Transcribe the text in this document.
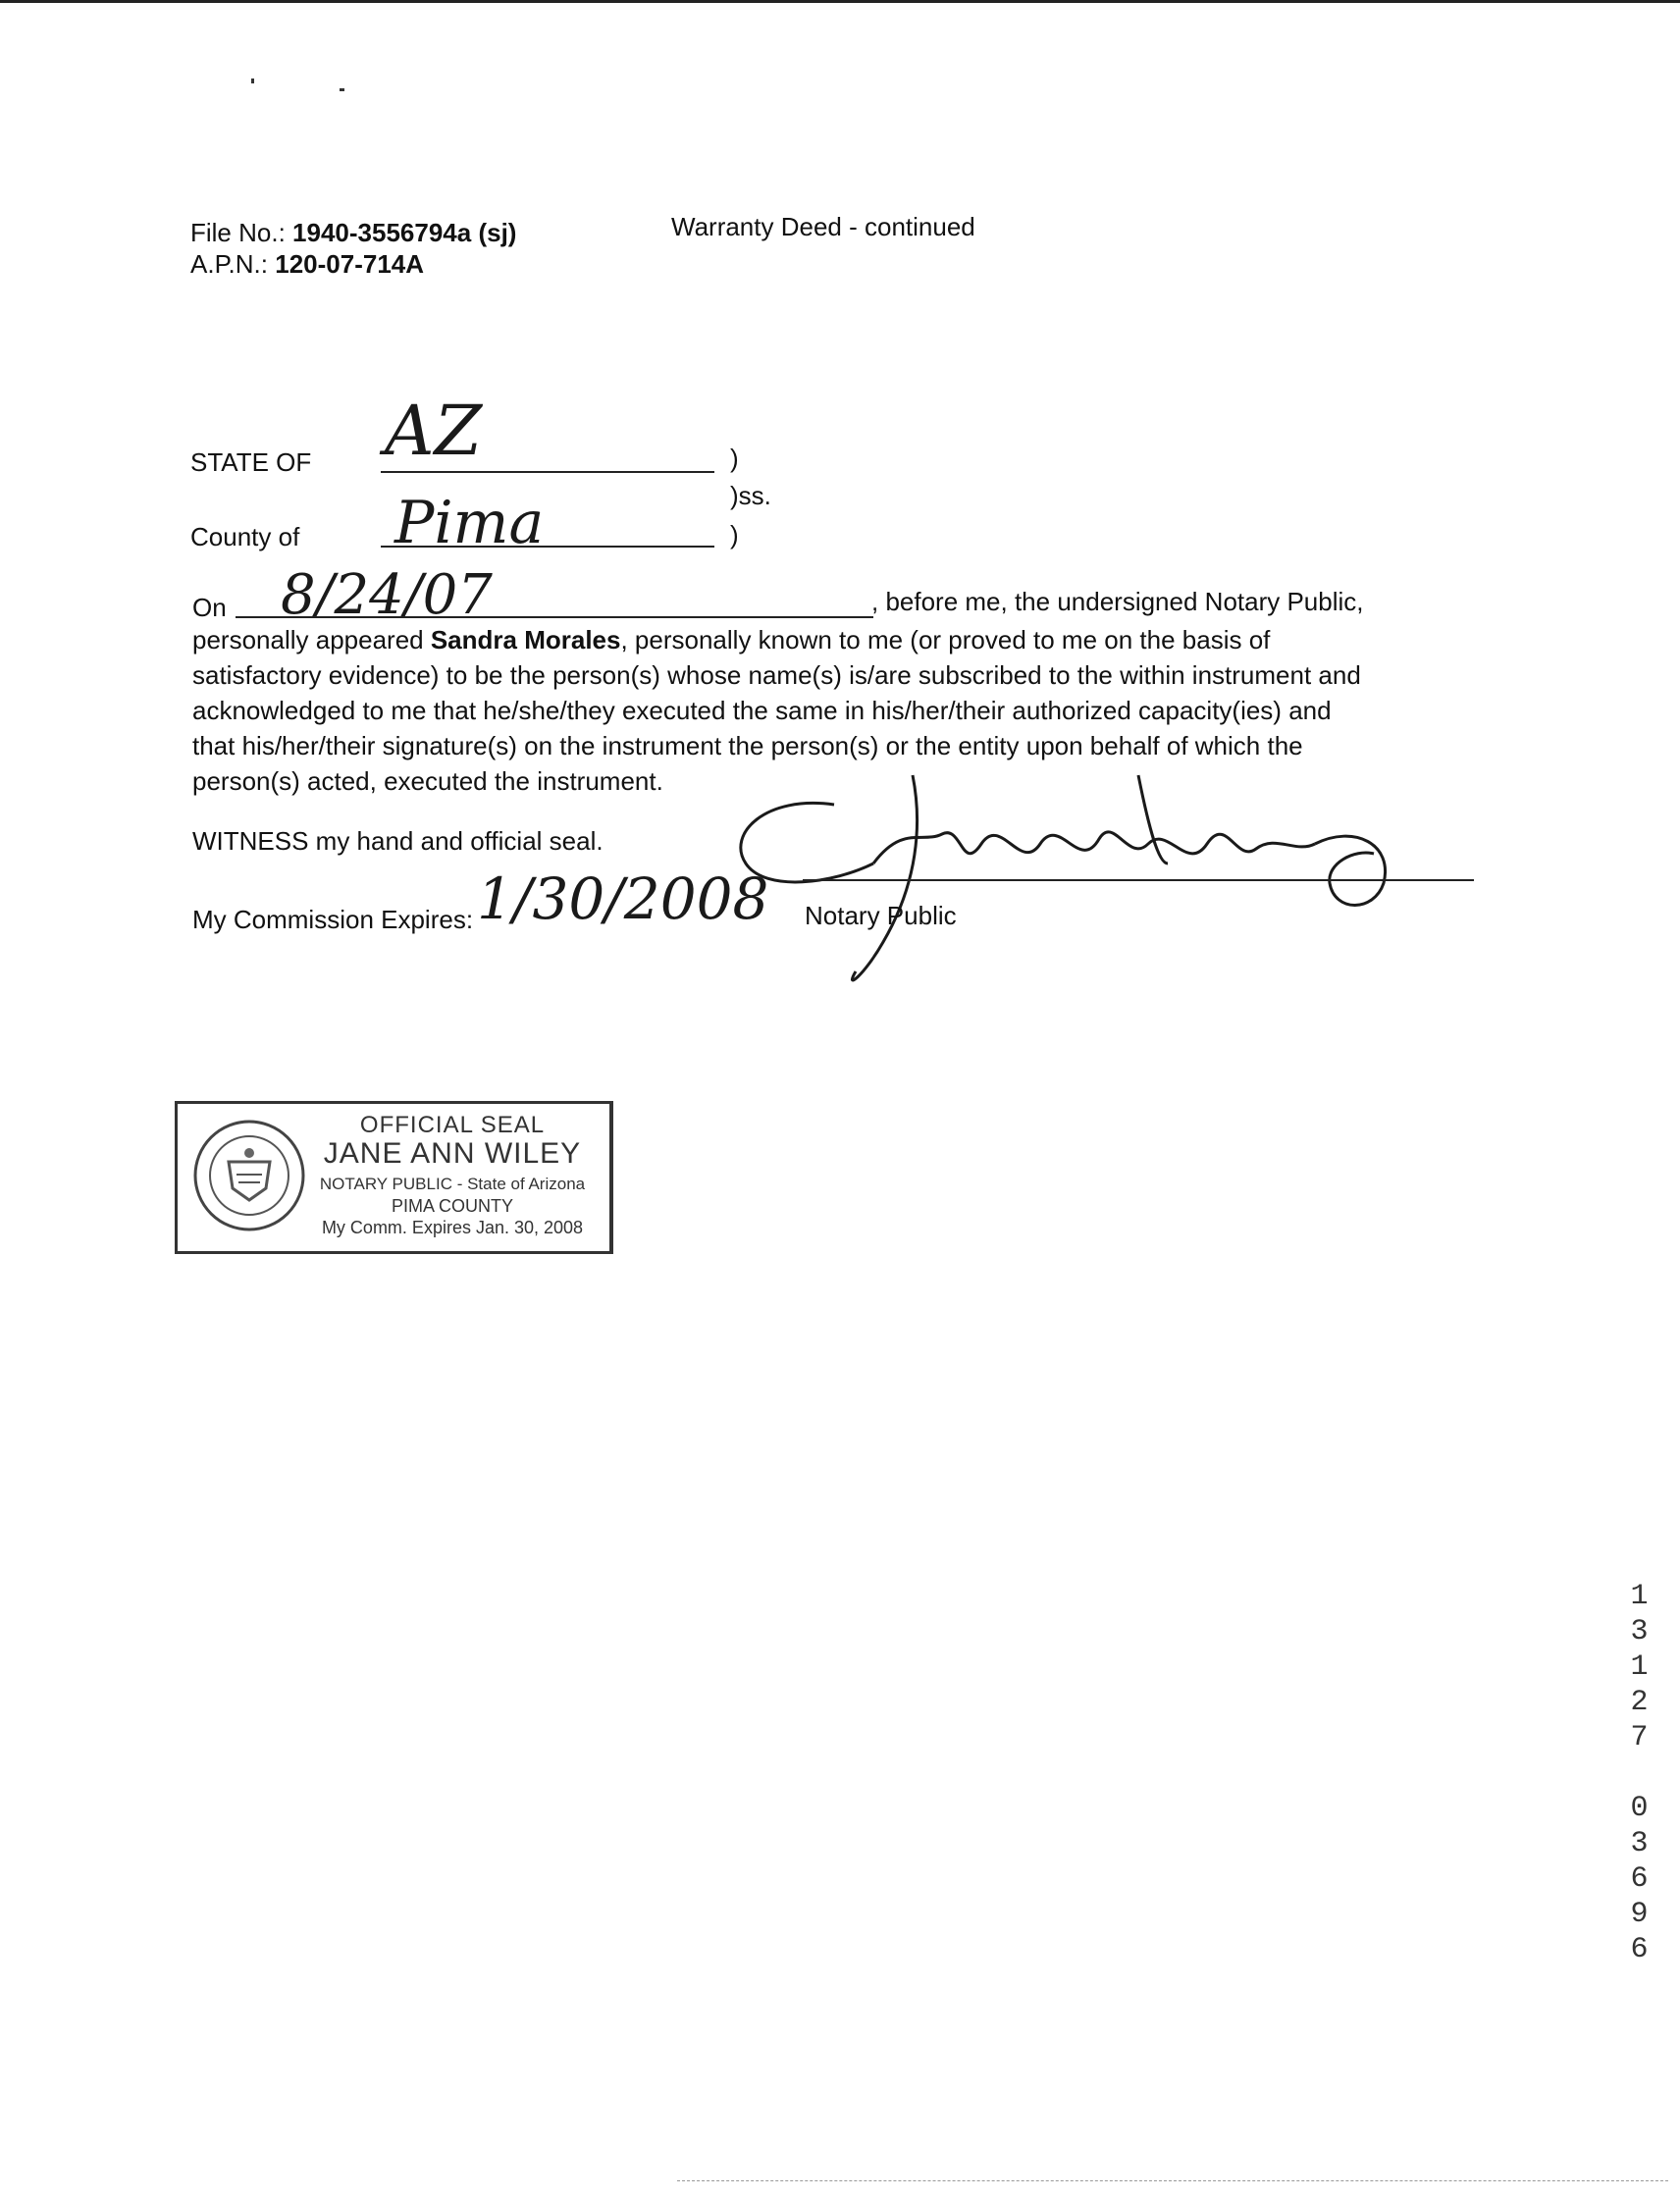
File No.: 1940-3556794a (sj)
A.P.N.: 120-07-714A
Warranty Deed - continued
STATE OF AZ	)
)ss.
County of Pima	)
On 8/24/07	, before me, the undersigned Notary Public,
personally appeared Sandra Morales, personally known to me (or proved to me on the basis of
satisfactory evidence) to be the person(s) whose name(s) is/are subscribed to the within instrument and
acknowledged to me that he/she/they executed the same in his/her/their authorized capacity(ies) and
that his/her/their signature(s) on the instrument the person(s) or the entity upon behalf of which the
person(s) acted, executed the instrument.
WITNESS my hand and official seal.
My Commission Expires: 1/30/2008 Notary Public
OFFICIAL SEAL
JANE ANN WILEY
NOTARY PUBLIC - State of Arizona
PIMA COUNTY
My Comm. Expires Jan. 30, 2008
13127 03696
